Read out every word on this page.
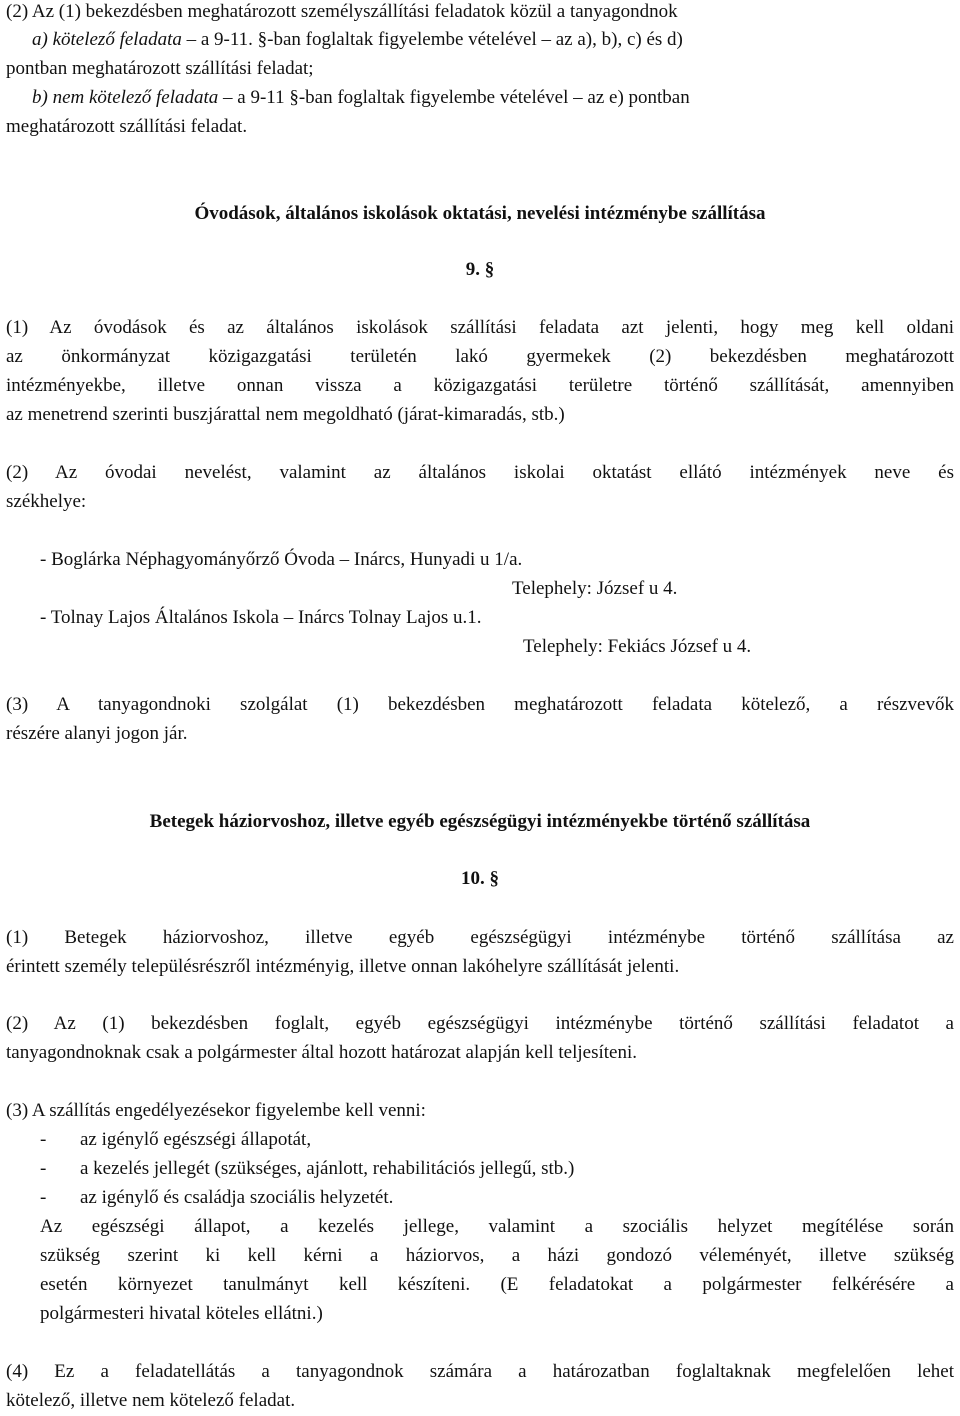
(2) Az (1) bekezdésben meghatározott személyszállítási feladatok közül a tanyagondnok
a) kötelező feladata – a 9-11. §-ban foglaltak figyelembe vételével – az a), b), c) és d)
pontban meghatározott szállítási feladat;
b) nem kötelező feladata – a 9-11 §-ban foglaltak figyelembe vételével – az e) pontban
meghatározott szállítási feladat.
Óvodások, általános iskolások oktatási, nevelési intézménybe szállítása
9. §
(1) Az óvodások és az általános iskolások szállítási feladata azt jelenti, hogy meg kell oldani
az önkormányzat közigazgatási területén lakó gyermekek (2) bekezdésben meghatározott
intézményekbe, illetve onnan vissza a közigazgatási területre történő szállítását, amennyiben
az menetrend szerinti buszjárattal nem megoldható (járat-kimaradás, stb.)
(2) Az óvodai nevelést, valamint az általános iskolai oktatást ellátó intézmények neve és
székhelye:
- Boglárka Néphagyományőrző Óvoda – Inárcs, Hunyadi u 1/a.
Telephely: József u 4.
- Tolnay Lajos Általános Iskola – Inárcs Tolnay Lajos u.1.
Telephely: Fekiács József u 4.
(3) A tanyagondnoki szolgálat (1) bekezdésben meghatározott feladata kötelező, a részvevők
részére alanyi jogon jár.
Betegek háziorvoshoz, illetve egyéb egészségügyi intézményekbe történő szállítása
10. §
(1) Betegek háziorvoshoz, illetve egyéb egészségügyi intézménybe történő szállítása az
érintett személy településrészről intézményig, illetve onnan lakóhelyre szállítását jelenti.
(2) Az (1) bekezdésben foglalt, egyéb egészségügyi intézménybe történő szállítási feladatot a
tanyagondnoknak csak a polgármester által hozott határozat alapján kell teljesíteni.
(3) A szállítás engedélyezésekor figyelembe kell venni:
- az igénylő egészségi állapotát,
- a kezelés jellegét (szükséges, ajánlott, rehabilitációs jellegű, stb.)
- az igénylő és családja szociális helyzetét.
Az egészségi állapot, a kezelés jellege, valamint a szociális helyzet megítélése során
szükség szerint ki kell kérni a háziorvos, a házi gondozó véleményét, illetve szükség
esetén környezet tanulmányt kell készíteni. (E feladatokat a polgármester felkérésére a
polgármesteri hivatal köteles ellátni.)
(4) Ez a feladatellátás a tanyagondnok számára a határozatban foglaltaknak megfelelően lehet
kötelező, illetve nem kötelező feladat.
